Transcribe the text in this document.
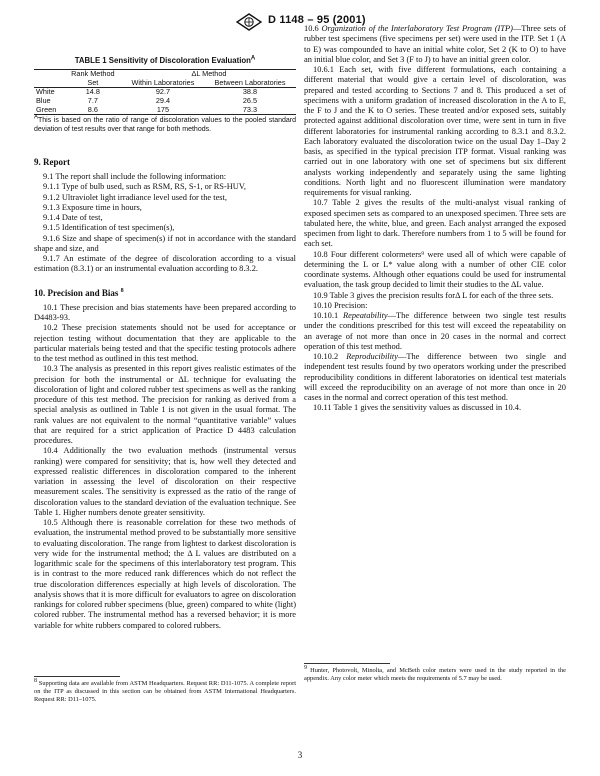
D 1148 – 95 (2001)
TABLE 1 Sensitivity of Discoloration Evaluation$^A$
	Rank Method	ΔL Method	
	Set	Within Laboratories	Between Laboratories
White	14.8	92.7	38.8
Blue	7.7	29.4	26.5
Green	8.6	175	73.3
$^A$This is based on the ratio of range of discoloration values to the pooled standard deviation of test results over that range for both methods.
9. Report

9.1 The report shall include the following information:

9.1.1 Type of bulb used, such as RSM, RS, S-1, or RS-HUV,

9.1.2 Ultraviolet light irradiance level used for the test,

9.1.3 Exposure time in hours,

9.1.4 Date of test,

9.1.5 Identification of test specimen(s),

9.1.6 Size and shape of specimen(s) if not in accordance with the standard shape and size, and

9.1.7 An estimate of the degree of discoloration according to a visual estimation (8.3.1) or an instrumental evaluation according to 8.3.2.

10. Precision and Bias $^8$

10.1 These precision and bias statements have been prepared according to D4483-93.

10.2 These precision statements should not be used for acceptance or rejection testing without documentation that they are applicable to the particular materials being tested and that the specific testing protocols adhere to the test method as outlined in this test method.

10.3 The analysis as presented in this report gives realistic estimates of the precision for both the instrumental or ΔL technique for evaluating the discoloration of light and colored rubber test specimens as well as the ranking procedure of this test method. The precision for ranking as derived from a special analysis as outlined in Table 1 is not given in the usual format. The rank values are not equivalent to the normal “quantitative variable” values that are required for a strict application of Practice D 4483 calculation procedures.

10.4 Additionally the two evaluation methods (instrumental versus ranking) were compared for sensitivity; that is, how well they detected and expressed realistic differences in discoloration compared to the inherent variation in assessing the level of discoloration on their respective measurement scales. The sensitivity is expressed as the ratio of the range of discoloration values to the standard deviation of the evaluation technique. See Table 1. Higher numbers denote greater sensitivity.

10.5 Although there is reasonable correlation for these two methods of evaluation, the instrumental method proved to be substantially more sensitive to evaluating discoloration. The range from lightest to darkest discoloration is very wide for the instrumental method; the Δ L values are distributed on a logarithmic scale for the specimens of this interlaboratory test program. This is in contrast to the more reduced rank differences which do not reflect the true discoloration differences especially at high levels of discoloration. The analysis shows that it is more difficult for evaluators to agree on discoloration rankings for colored rubber specimens (blue, green) compared to white (light) colored rubber. The instrumental method has a reversed behavior; it is more variable for white rubbers compared to colored rubbers.

10.6 Organization of the Interlaboratory Test Program (ITP)—Three sets of rubber test specimens (five specimens per set) were used in the ITP. Set 1 (A to E) was compounded to have an initial white color, Set 2 (K to O) to have an initial blue color, and Set 3 (F to J) to have an initial green color.

10.6.1 Each set, with five different formulations, each containing a different material that would give a certain level of discoloration, was prepared and tested according to Sections 7 and 8. This produced a set of specimens with a uniform gradation of increased discoloration in the A to E, the F to J and the K to O series. These treated and/or exposed sets, suitably protected against additional discoloration over time, were sent in turn in five different laboratories for instrumental ranking according to 8.3.1 and 8.3.2. Each laboratory evaluated the discoloration twice on the usual Day 1–Day 2 basis, as specified in the typical precision ITP format. Visual ranking was carried out in one laboratory with one set of specimens but six different analysts working independently and separately using the same lighting conditions. North light and no fluorescent illumination were mandatory requirements for visual ranking.

10.7 Table 2 gives the results of the multi-analyst visual ranking of exposed specimen sets as compared to an unexposed specimen. Three sets are tabulated here, the white, blue, and green. Each analyst arranged the exposed specimen from light to dark. Therefore numbers from 1 to 5 will be found for each set.

10.8 Four different colormeters⁹ were used all of which were capable of determining the L or L* value along with a number of other CIE color coordinate systems. Although other equations could be used for instrumental evaluation, the task group decided to limit their studies to the ΔL value.

10.9 Table 3 gives the precision results forΔ L for each of the three sets.

10.10 Precision:

10.10.1 Repeatability—The difference between two single test results under the conditions prescribed for this test will exceed the repeatability on an average of not more than once in 20 cases in the normal and correct operation of this test method.

10.10.2 Reproducibility—The difference between two single and independent test results found by two operators working under the prescribed reproducibility conditions in different laboratories on identical test materials will exceed the reproducibility on an average of not more than once in 20 cases in the normal and correct operation of this test method.

10.11 Table 1 gives the sensitivity values as discussed in 10.4.

$^8$ Supporting data are available from ASTM Headquarters. Request RR: D11-1075. A complete report on the ITP as discussed in this section can be obtained from ASTM International Headquarters. Request RR: D11–1075.
$^9$ Hunter, Photovolt, Minolta, and McBeth color meters were used in the study reported in the appendix. Any color meter which meets the requirements of 5.7 may be used.
3
